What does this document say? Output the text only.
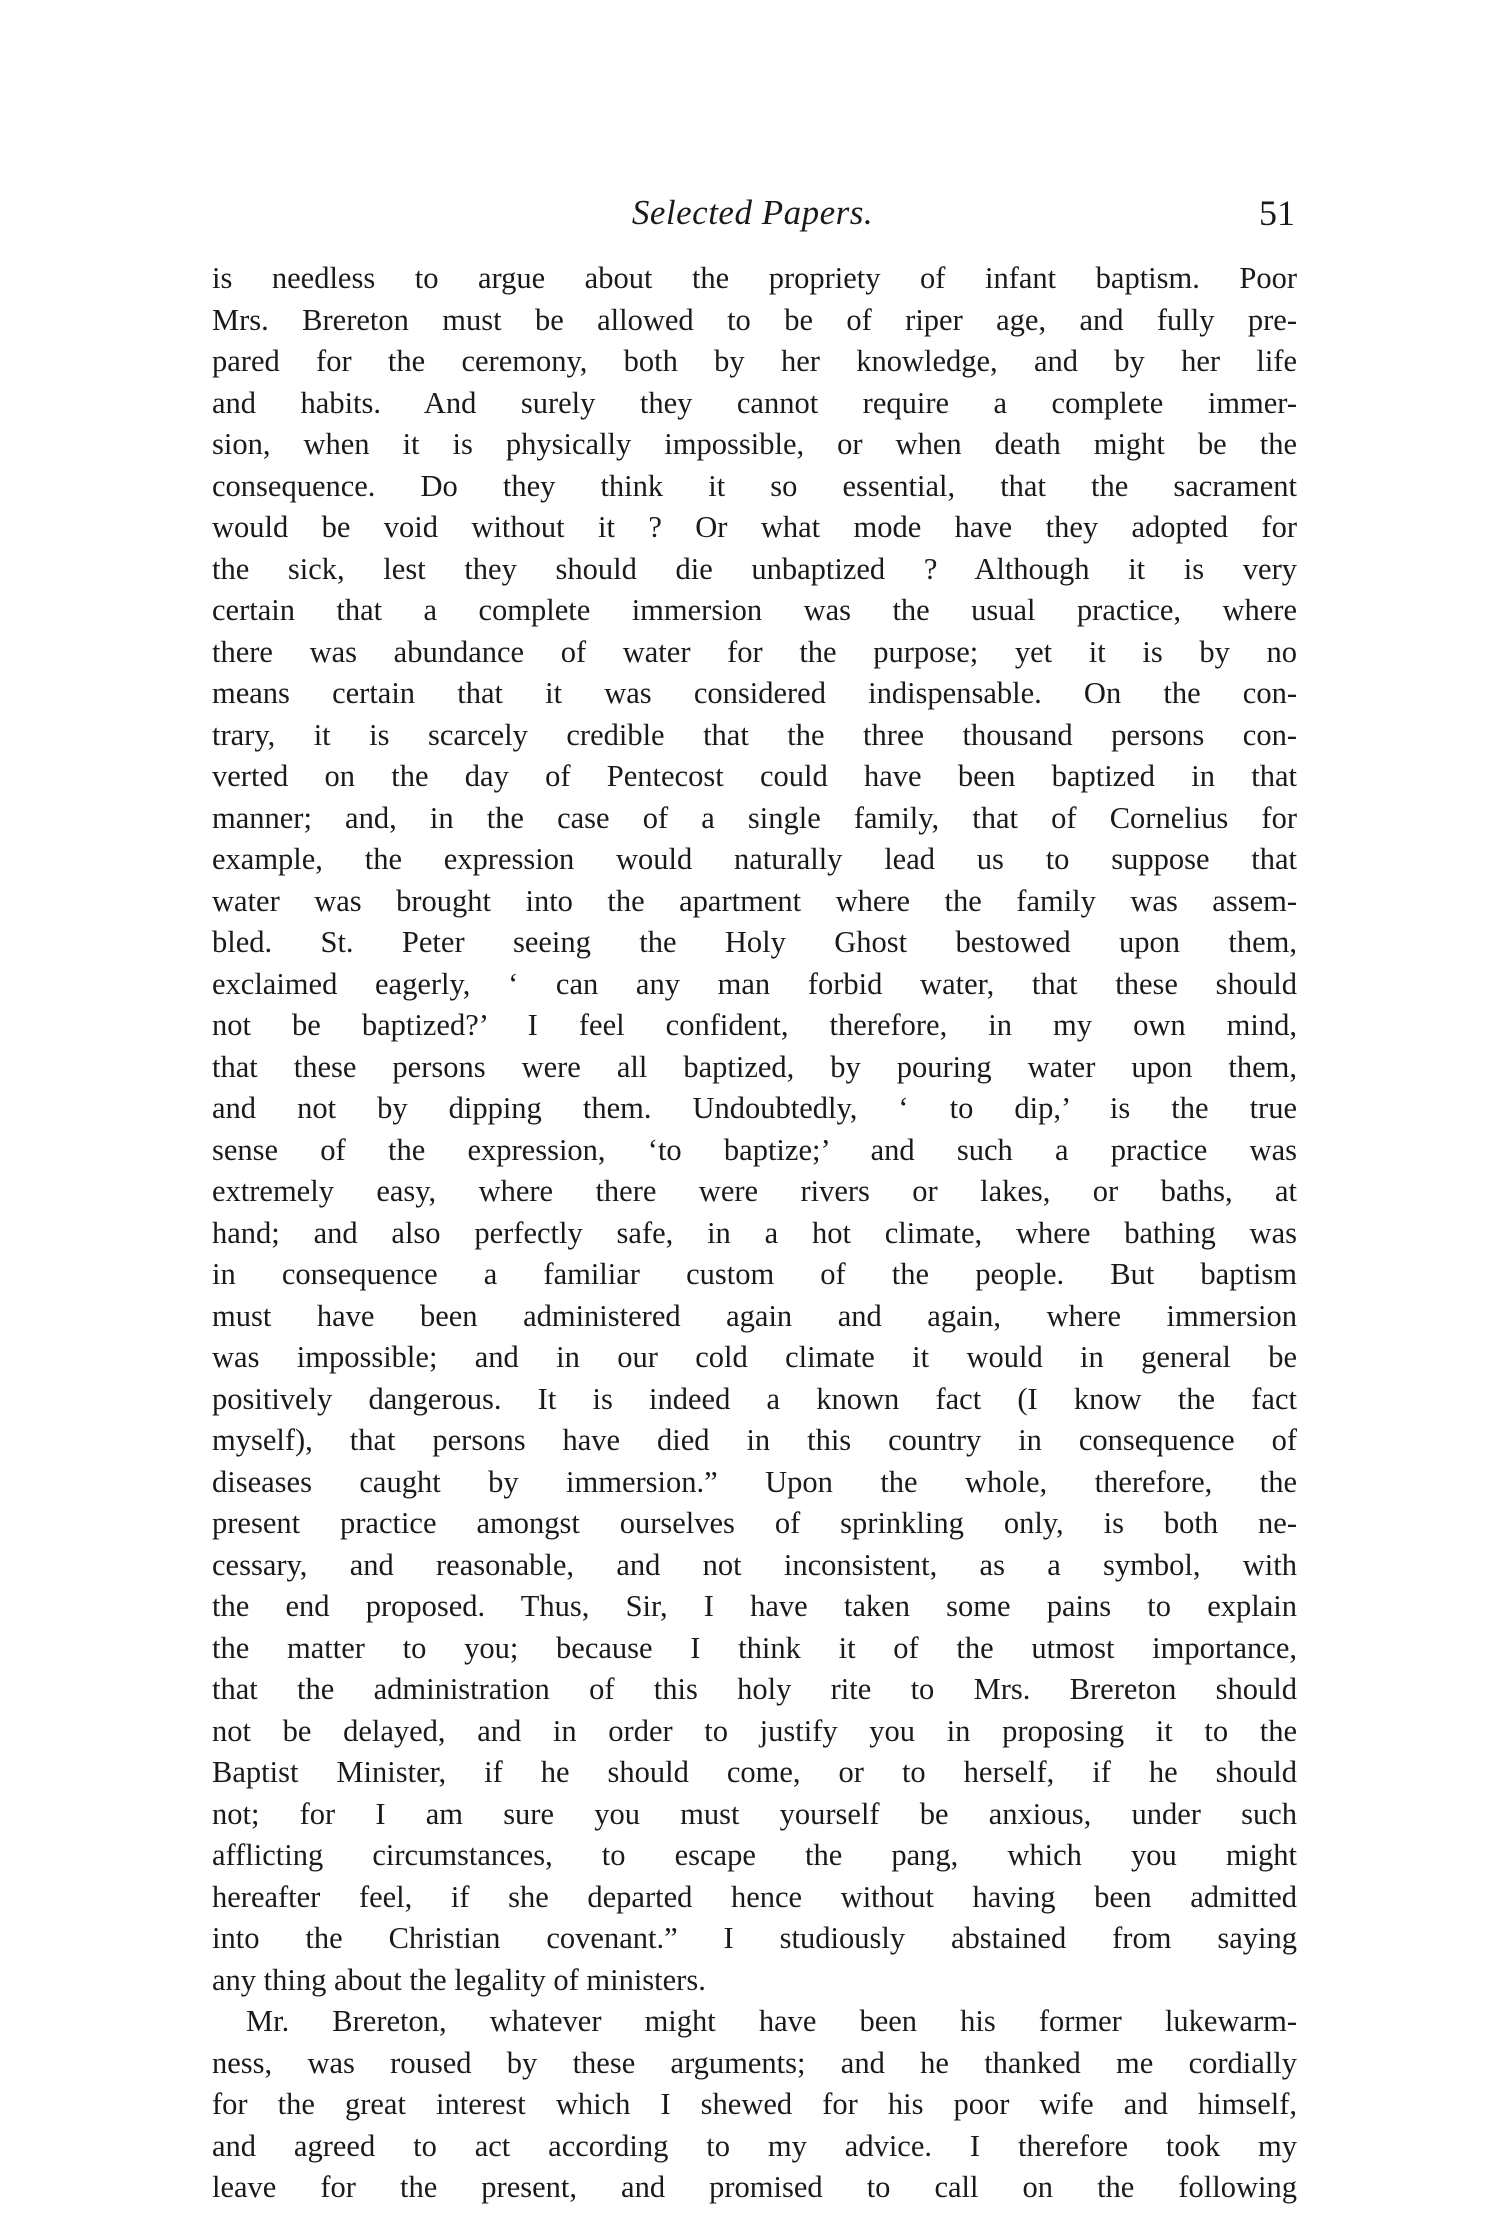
Selected Papers.	51
is needless to argue about the propriety of infant baptism. Poor
Mrs. Brereton must be allowed to be of riper age, and fully pre-
pared for the ceremony, both by her knowledge, and by her life
and habits. And surely they cannot require a complete immer-
sion, when it is physically impossible, or when death might be the
consequence. Do they think it so essential, that the sacrament
would be void without it ? Or what mode have they adopted for
the sick, lest they should die unbaptized ? Although it is very
certain that a complete immersion was the usual practice, where
there was abundance of water for the purpose; yet it is by no
means certain that it was considered indispensable. On the con-
trary, it is scarcely credible that the three thousand persons con-
verted on the day of Pentecost could have been baptized in that
manner; and, in the case of a single family, that of Cornelius for
example, the expression would naturally lead us to suppose that
water was brought into the apartment where the family was assem-
bled. St. Peter seeing the Holy Ghost bestowed upon them,
exclaimed eagerly, ‘ can any man forbid water, that these should
not be baptized?’ I feel confident, therefore, in my own mind,
that these persons were all baptized, by pouring water upon them,
and not by dipping them. Undoubtedly, ‘ to dip,’ is the true
sense of the expression, ‘to baptize;’ and such a practice was
extremely easy, where there were rivers or lakes, or baths, at
hand; and also perfectly safe, in a hot climate, where bathing was
in consequence a familiar custom of the people. But baptism
must have been administered again and again, where immersion
was impossible; and in our cold climate it would in general be
positively dangerous. It is indeed a known fact (I know the fact
myself), that persons have died in this country in consequence of
diseases caught by immersion.” Upon the whole, therefore, the
present practice amongst ourselves of sprinkling only, is both ne-
cessary, and reasonable, and not inconsistent, as a symbol, with
the end proposed. Thus, Sir, I have taken some pains to explain
the matter to you; because I think it of the utmost importance,
that the administration of this holy rite to Mrs. Brereton should
not be delayed, and in order to justify you in proposing it to the
Baptist Minister, if he should come, or to herself, if he should
not; for I am sure you must yourself be anxious, under such
afflicting circumstances, to escape the pang, which you might
hereafter feel, if she departed hence without having been admitted
into the Christian covenant.” I studiously abstained from saying
any thing about the legality of ministers.
Mr. Brereton, whatever might have been his former lukewarm-
ness, was roused by these arguments; and he thanked me cordially
for the great interest which I shewed for his poor wife and himself,
and agreed to act according to my advice. I therefore took my
leave for the present, and promised to call on the following
